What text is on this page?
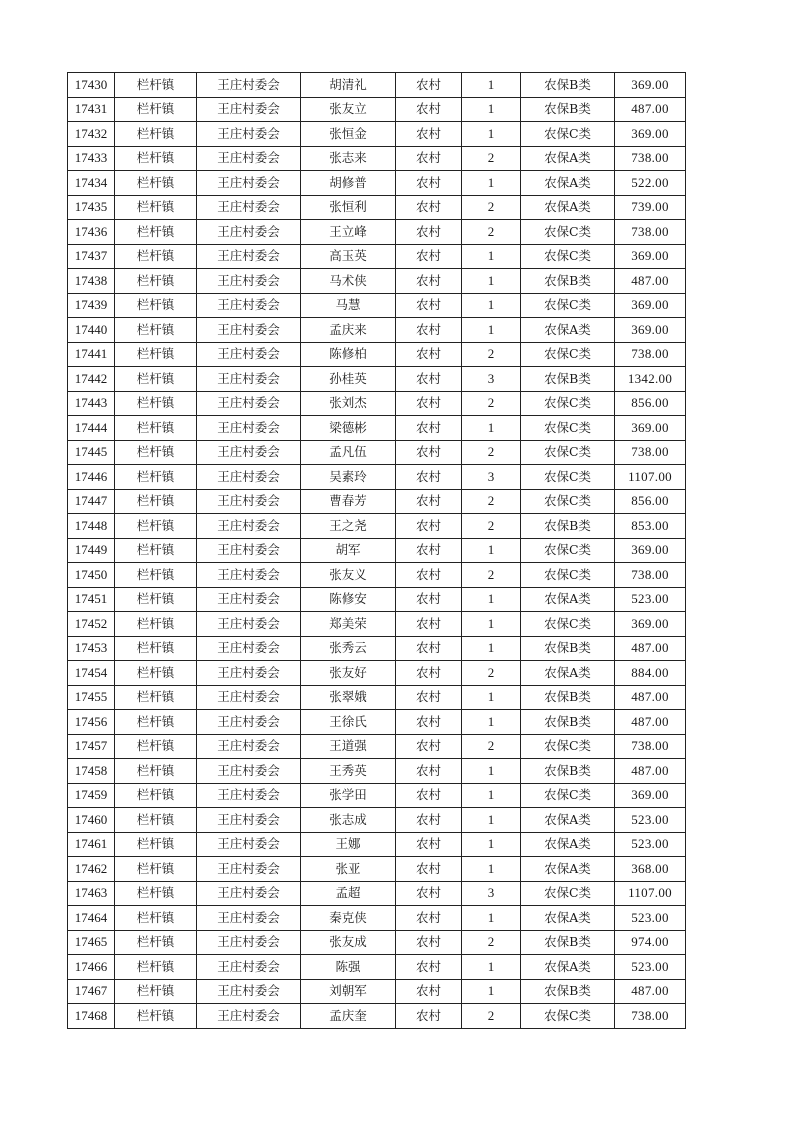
17430	栏杆镇	王庄村委会	胡清礼	农村	1	农保B类	369.00
17431	栏杆镇	王庄村委会	张友立	农村	1	农保B类	487.00
17432	栏杆镇	王庄村委会	张恒金	农村	1	农保C类	369.00
17433	栏杆镇	王庄村委会	张志来	农村	2	农保A类	738.00
17434	栏杆镇	王庄村委会	胡修普	农村	1	农保A类	522.00
17435	栏杆镇	王庄村委会	张恒利	农村	2	农保A类	739.00
17436	栏杆镇	王庄村委会	王立峰	农村	2	农保C类	738.00
17437	栏杆镇	王庄村委会	高玉英	农村	1	农保C类	369.00
17438	栏杆镇	王庄村委会	马术侠	农村	1	农保B类	487.00
17439	栏杆镇	王庄村委会	马慧	农村	1	农保C类	369.00
17440	栏杆镇	王庄村委会	孟庆来	农村	1	农保A类	369.00
17441	栏杆镇	王庄村委会	陈修柏	农村	2	农保C类	738.00
17442	栏杆镇	王庄村委会	孙桂英	农村	3	农保B类	1342.00
17443	栏杆镇	王庄村委会	张刘杰	农村	2	农保C类	856.00
17444	栏杆镇	王庄村委会	梁德彬	农村	1	农保C类	369.00
17445	栏杆镇	王庄村委会	孟凡伍	农村	2	农保C类	738.00
17446	栏杆镇	王庄村委会	吴素玲	农村	3	农保C类	1107.00
17447	栏杆镇	王庄村委会	曹春芳	农村	2	农保C类	856.00
17448	栏杆镇	王庄村委会	王之尧	农村	2	农保B类	853.00
17449	栏杆镇	王庄村委会	胡军	农村	1	农保C类	369.00
17450	栏杆镇	王庄村委会	张友义	农村	2	农保C类	738.00
17451	栏杆镇	王庄村委会	陈修安	农村	1	农保A类	523.00
17452	栏杆镇	王庄村委会	郑美荣	农村	1	农保C类	369.00
17453	栏杆镇	王庄村委会	张秀云	农村	1	农保B类	487.00
17454	栏杆镇	王庄村委会	张友好	农村	2	农保A类	884.00
17455	栏杆镇	王庄村委会	张翠娥	农村	1	农保B类	487.00
17456	栏杆镇	王庄村委会	王徐氏	农村	1	农保B类	487.00
17457	栏杆镇	王庄村委会	王道强	农村	2	农保C类	738.00
17458	栏杆镇	王庄村委会	王秀英	农村	1	农保B类	487.00
17459	栏杆镇	王庄村委会	张学田	农村	1	农保C类	369.00
17460	栏杆镇	王庄村委会	张志成	农村	1	农保A类	523.00
17461	栏杆镇	王庄村委会	王娜	农村	1	农保A类	523.00
17462	栏杆镇	王庄村委会	张亚	农村	1	农保A类	368.00
17463	栏杆镇	王庄村委会	孟超	农村	3	农保C类	1107.00
17464	栏杆镇	王庄村委会	秦克侠	农村	1	农保A类	523.00
17465	栏杆镇	王庄村委会	张友成	农村	2	农保B类	974.00
17466	栏杆镇	王庄村委会	陈强	农村	1	农保A类	523.00
17467	栏杆镇	王庄村委会	刘朝军	农村	1	农保B类	487.00
17468	栏杆镇	王庄村委会	孟庆奎	农村	2	农保C类	738.00
